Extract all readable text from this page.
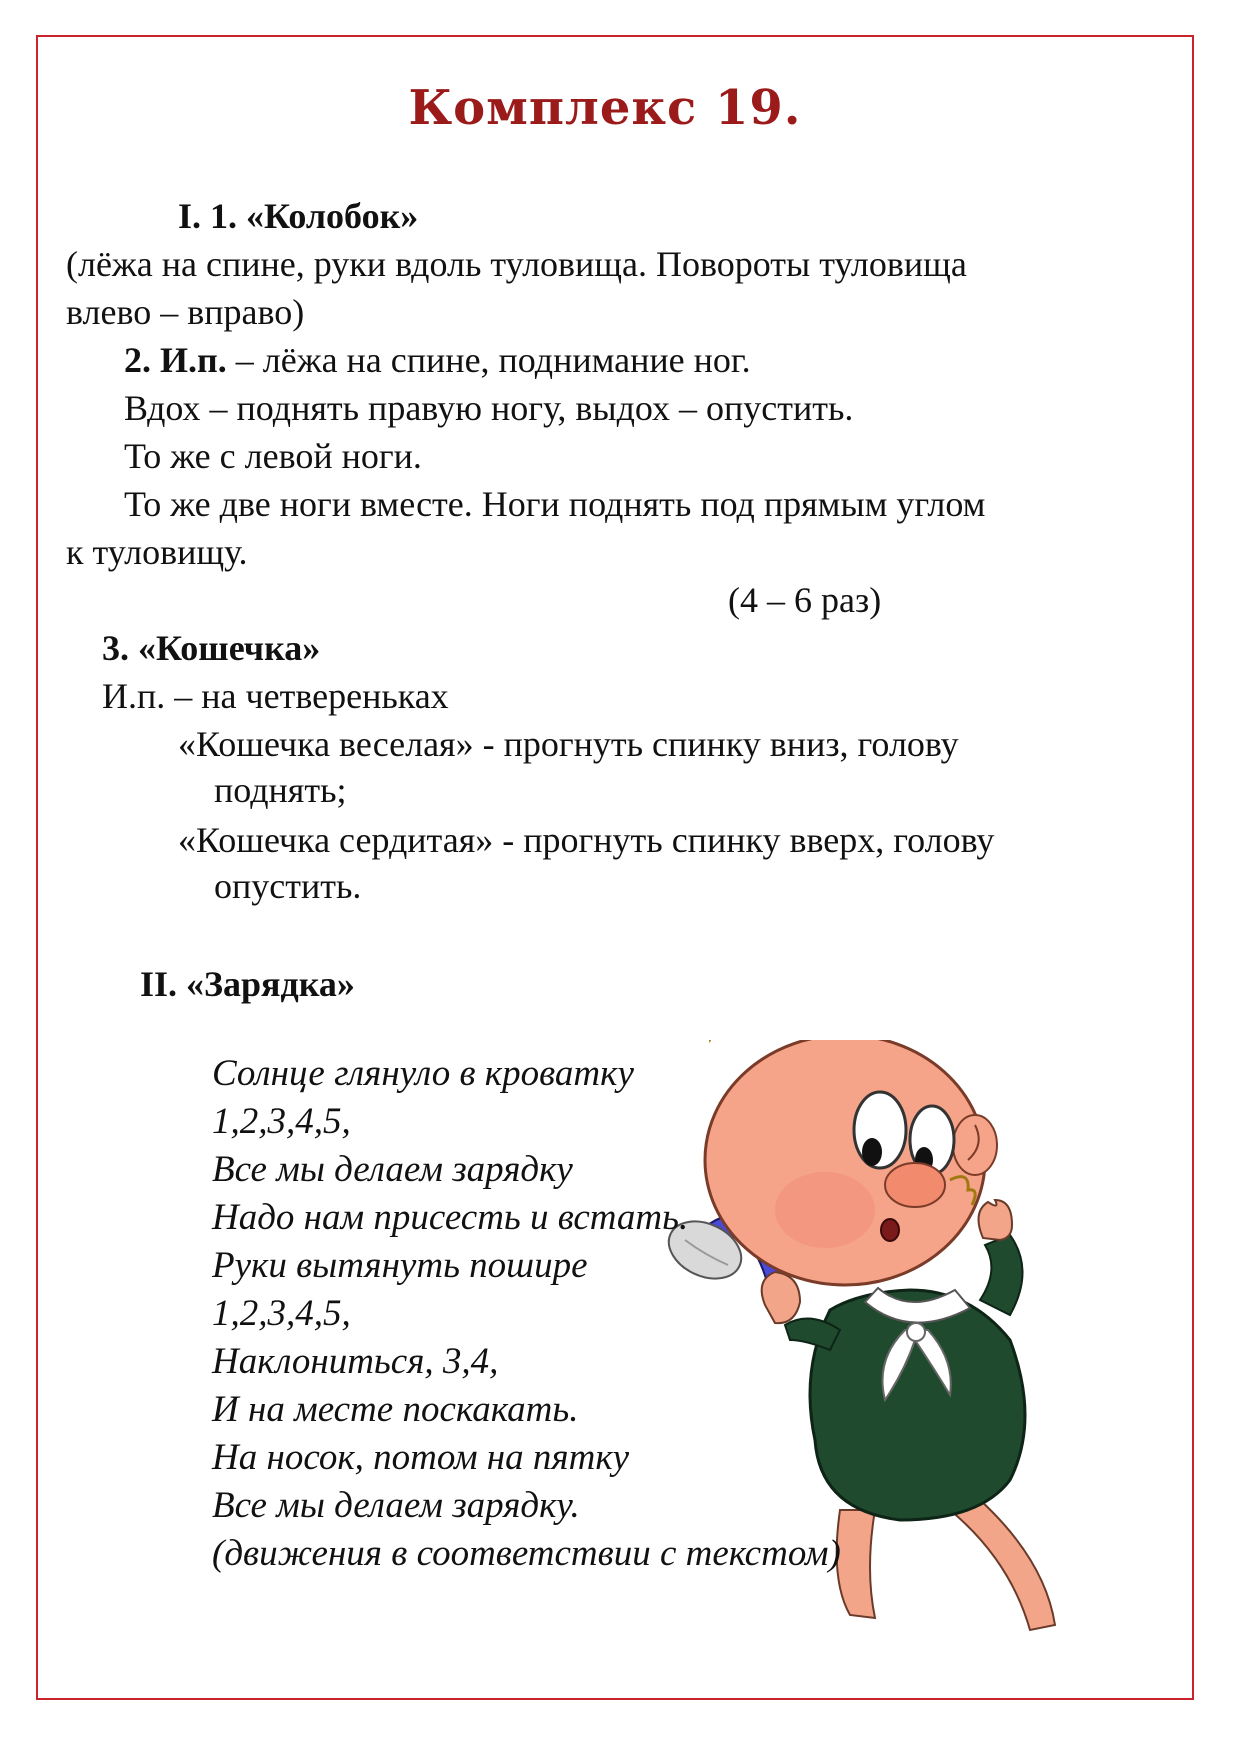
Комплекс 19.

I. 1. «Колобок»

(лёжа на спине, руки вдоль туловища. Повороты туловища

влево – вправо)

2. И.п. – лёжа на спине, поднимание ног.

Вдох – поднять правую ногу, выдох – опустить.

То же с левой ноги.

То же две ноги вместе. Ноги поднять под прямым углом

к туловищу.

(4 – 6 раз)

3. «Кошечка»

И.п. – на четвереньках

«Кошечка веселая» - прогнуть спинку вниз, голову

поднять;

«Кошечка сердитая» - прогнуть спинку вверх, голову

опустить.

II. «Зарядка»

Солнце глянуло в кроватку

1,2,3,4,5,

Все мы делаем зарядку

Надо нам присесть и встать.

Руки вытянуть пошире

1,2,3,4,5,

Наклониться, 3,4,

И на месте поскакать.

На носок, потом на пятку

Все мы делаем зарядку.

(движения в соответствии с текстом)
